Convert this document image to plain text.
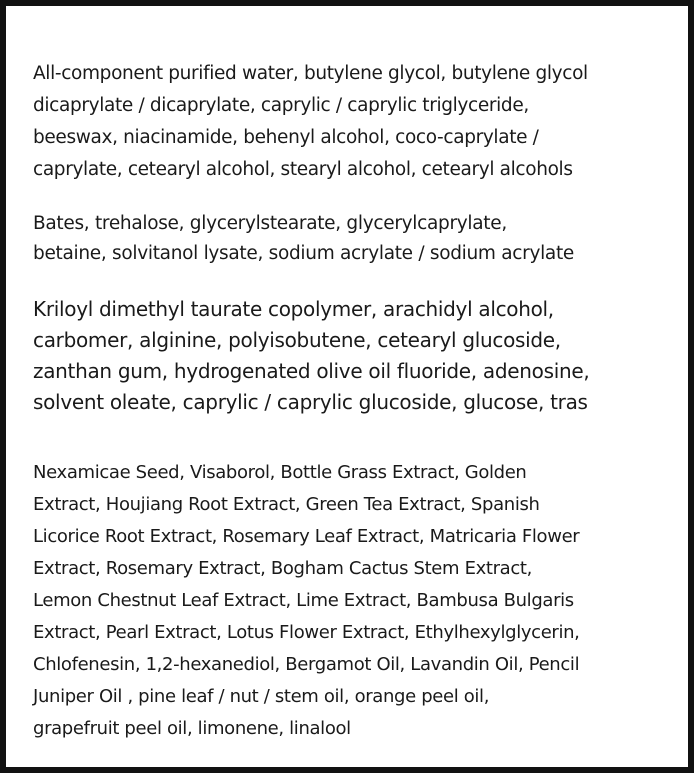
All-component purified water, butylene glycol, butylene glycol
dicaprylate / dicaprylate, caprylic / caprylic triglyceride,
beeswax, niacinamide, behenyl alcohol, coco-caprylate /
caprylate, cetearyl alcohol, stearyl alcohol, cetearyl alcohols

Bates, trehalose, glycerylstearate, glycerylcaprylate,
betaine, solvitanol lysate, sodium acrylate / sodium acrylate

Kriloyl dimethyl taurate copolymer, arachidyl alcohol,
carbomer, alginine, polyisobutene, cetearyl glucoside,
zanthan gum, hydrogenated olive oil fluoride, adenosine,
solvent oleate, caprylic / caprylic glucoside, glucose, tras

Nexamicae Seed, Visaborol, Bottle Grass Extract, Golden
Extract, Houjiang Root Extract, Green Tea Extract, Spanish
Licorice Root Extract, Rosemary Leaf Extract, Matricaria Flower
Extract, Rosemary Extract, Bogham Cactus Stem Extract,
Lemon Chestnut Leaf Extract, Lime Extract, Bambusa Bulgaris
Extract, Pearl Extract, Lotus Flower Extract, Ethylhexylglycerin,
Chlofenesin, 1,2-hexanediol, Bergamot Oil, Lavandin Oil, Pencil
Juniper Oil , pine leaf / nut / stem oil, orange peel oil,
grapefruit peel oil, limonene, linalool
